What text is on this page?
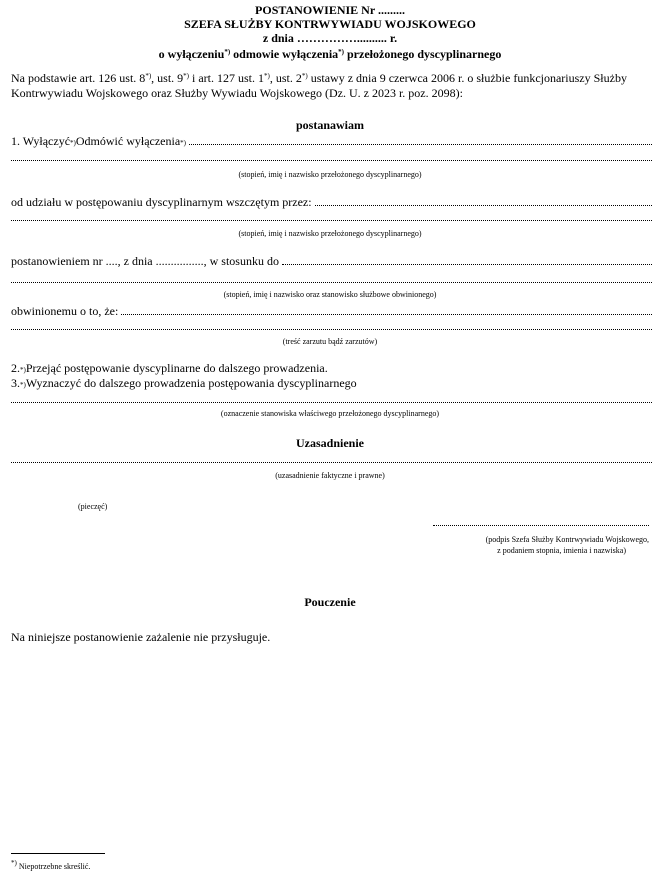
POSTANOWIENIE Nr .........
SZEFA SŁUŻBY KONTRWYWIADU WOJSKOWEGO
z dnia …………….......... r.
o wyłączeniu*) odmowie wyłączenia*) przełożonego dyscyplinarnego
Na podstawie art. 126 ust. 8*), ust. 9*) i art. 127 ust. 1*), ust. 2*) ustawy z dnia 9 czerwca 2006 r. o służbie funkcjonariuszy Służby Kontrwywiadu Wojskowego oraz Służby Wywiadu Wojskowego (Dz. U. z 2023 r. poz. 2098):
postanawiam
1. Wyłączyć *) Odmówić wyłączenia *)
(stopień, imię i nazwisko przełożonego dyscyplinarnego)
od udziału w postępowaniu dyscyplinarnym wszczętym przez:
(stopień, imię i nazwisko przełożonego dyscyplinarnego)
postanowieniem nr ...., z dnia ................, w stosunku do
(stopień, imię i nazwisko oraz stanowisko służbowe obwinionego)
obwinionemu o to, że:
(treść zarzutu bądź zarzutów)
2. *) Przejąć postępowanie dyscyplinarne do dalszego prowadzenia.
3. *) Wyznaczyć do dalszego prowadzenia postępowania dyscyplinarnego
(oznaczenie stanowiska właściwego przełożonego dyscyplinarnego)
Uzasadnienie
(uzasadnienie faktyczne i prawne)
(pieczęć)
(podpis Szefa Służby Kontrwywiadu Wojskowego,
z podaniem stopnia, imienia i nazwiska)
Pouczenie
Na niniejsze postanowienie zażalenie nie przysługuje.
*) Niepotrzebne skreślić.
